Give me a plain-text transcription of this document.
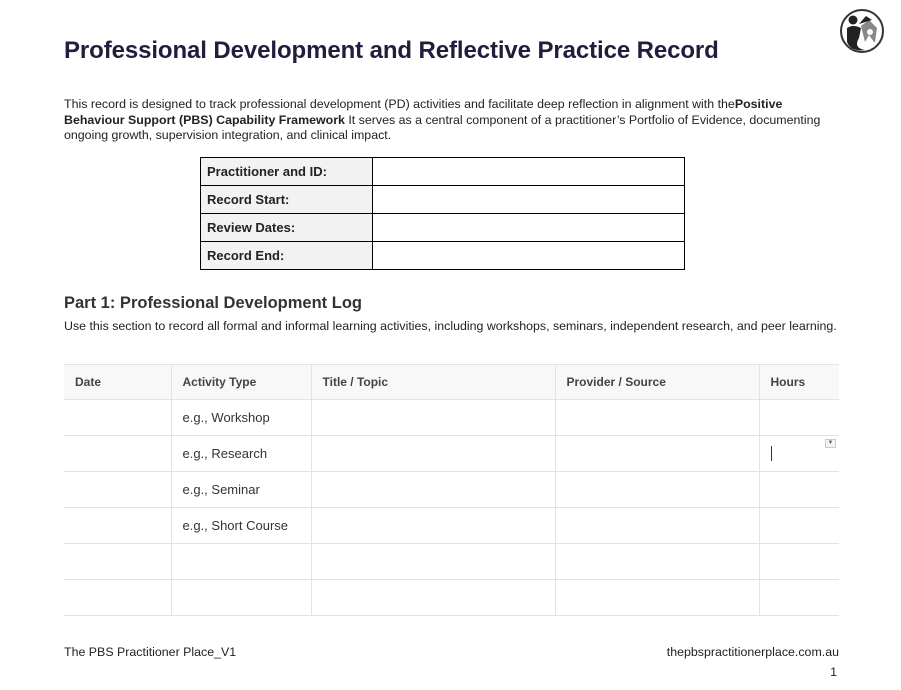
Professional Development and Reflective Practice Record
This record is designed to track professional development (PD) activities and facilitate deep reflection in alignment with thePositive Behaviour Support (PBS) Capability Framework It serves as a central component of a practitioner’s Portfolio of Evidence, documenting ongoing growth, supervision integration, and clinical impact.
Practitioner and ID:	
Record Start:	
Review Dates:	
Record End:	
Part 1: Professional Development Log
Use this section to record all formal and informal learning activities, including workshops, seminars, independent research, and peer learning.
Date	Activity Type	Title / Topic	Provider / Source	Hours
	e.g., Workshop			
	e.g., Research			▼

	e.g., Seminar			
	e.g., Short Course			

The PBS Practitioner Place_V1	thepbspractitionerplace.com.au
1
